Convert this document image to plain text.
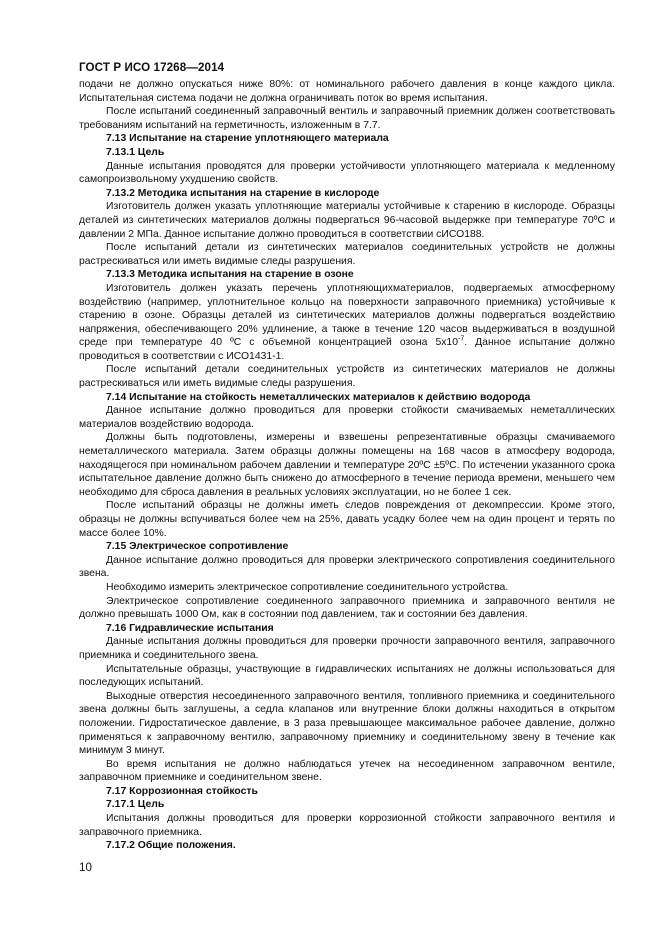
ГОСТ Р ИСО 17268—2014
подачи не должно опускаться ниже 80%: от номинального рабочего давления в конце каждого цикла. Испытательная система подачи не должна ограничивать поток во время испытания.
После испытаний соединенный заправочный вентиль и заправочный приемник должен соответствовать требованиям испытаний на герметичность, изложенным в 7.7.
7.13 Испытание на старение уплотняющего материала
7.13.1 Цель
Данные испытания проводятся для проверки устойчивости уплотняющего материала к медленному самопроизвольному ухудшению свойств.
7.13.2 Методика испытания на старение в кислороде
Изготовитель должен указать уплотняющие материалы устойчивые к старению в кислороде. Образцы деталей из синтетических материалов должны подвергаться 96-часовой выдержке при температуре 70ºC и давлении 2 МПа. Данное испытание должно проводиться в соответствии сИСО188.
После испытаний детали из синтетических материалов соединительных устройств не должны растрескиваться или иметь видимые следы разрушения.
7.13.3 Методика испытания на старение в озоне
Изготовитель должен указать перечень уплотняющихматериалов, подвергаемых атмосферному воздействию (например, уплотнительное кольцо на поверхности заправочного приемника) устойчивые к старению в озоне. Образцы деталей из синтетических материалов должны подвергаться воздействию напряжения, обеспечивающего 20% удлинение, а также в течение 120 часов выдерживаться в воздушной среде при температуре 40 ºC с объемной концентрацией озона $5x10^{-7}$. Данное испытание должно проводиться в соответствии с ИСО1431-1.
После испытаний детали соединительных устройств из синтетических материалов не должны растрескиваться или иметь видимые следы разрушения.
7.14 Испытание на стойкость неметаллических материалов к действию водорода
Данное испытание должно проводиться для проверки стойкости смачиваемых неметаллических материалов воздействию водорода.
Должны быть подготовлены, измерены и взвешены репрезентативные образцы смачиваемого неметаллического материала. Затем образцы должны помещены на 168 часов в атмосферу водорода, находящегося при номинальном рабочем давлении и температуре 20ºC ±5ºC. По истечении указанного срока испытательное давление должно быть снижено до атмосферного в течение периода времени, меньшего чем необходимо для сброса давления в реальных условиях эксплуатации, но не более 1 сек.
После испытаний образцы не должны иметь следов повреждения от декомпрессии. Кроме этого, образцы не должны вспучиваться более чем на 25%, давать усадку более чем на один процент и терять по массе более 10%.
7.15 Электрическое сопротивление
Данное испытание должно проводиться для проверки электрического сопротивления соединительного звена.
Необходимо измерить электрическое сопротивление соединительного устройства.
Электрическое сопротивление соединенного заправочного приемника и заправочного вентиля не должно превышать 1000 Ом, как в состоянии под давлением, так и состоянии без давления.
7.16 Гидравлические испытания
Данные испытания должны проводиться для проверки прочности заправочного вентиля, заправочного приемника и соединительного звена.
Испытательные образцы, участвующие в гидравлических испытаниях не должны использоваться для последующих испытаний.
Выходные отверстия несоединенного заправочного вентиля, топливного приемника и соединительного звена должны быть заглушены, а седла клапанов или внутренние блоки должны находиться в открытом положении. Гидростатическое давление, в 3 раза превышающее максимальное рабочее давление, должно применяться к заправочному вентилю, заправочному приемнику и соединительному звену в течение как минимум 3 минут.
Во время испытания не должно наблюдаться утечек на несоединенном заправочном вентиле, заправочном приемнике и соединительном звене.
7.17 Коррозионная стойкость
7.17.1 Цель
Испытания должны проводиться для проверки коррозионной стойкости заправочного вентиля и заправочного приемника.
7.17.2 Общие положения.
10
